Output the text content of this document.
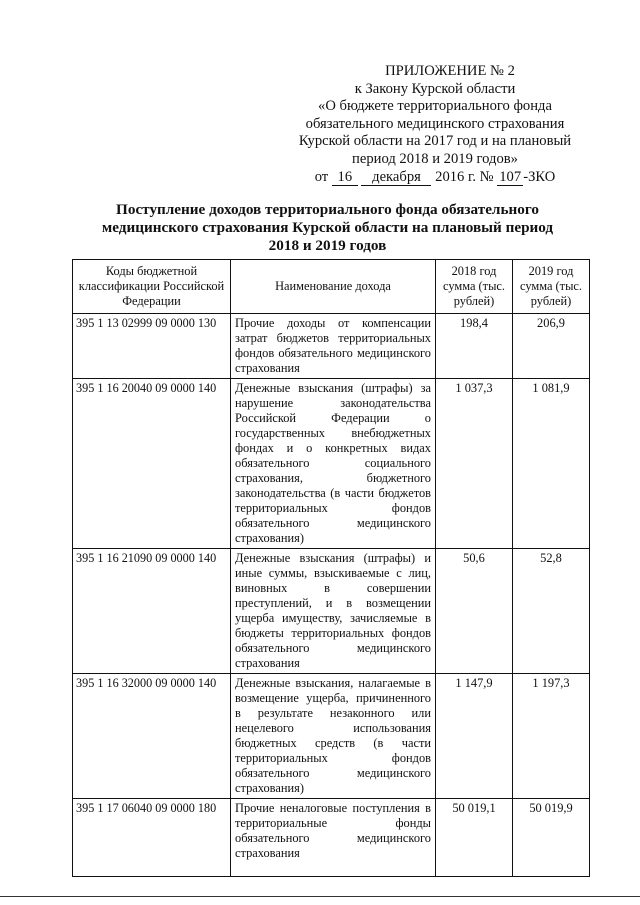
ПРИЛОЖЕНИЕ № 2
к Закону Курской области
«О бюджете территориального фонда
обязательного медицинского страхования
Курской области на 2017 год и на плановый
период 2018 и 2019 годов»
от 16 декабря 2016 г. № 107 -ЗКО
Поступление доходов территориального фонда обязательного
медицинского страхования Курской области на плановый период
2018 и 2019 годов
Коды бюджетной классификации Российской Федерации	Наименование дохода	2018 год сумма (тыс. рублей)	2019 год сумма (тыс. рублей)
395 1 13 02999 09 0000 130	Прочие доходы от компенсации затрат бюджетов территориальных фондов обязательного медицинского страхования	198,4	206,9
395 1 16 20040 09 0000 140	Денежные взыскания (штрафы) за нарушение законодательства Российской Федерации о государственных внебюджетных фондах и о конкретных видах обязательного социального страхования, бюджетного законодательства (в части бюджетов территориальных фондов обязательного медицинского страхования)	1 037,3	1 081,9
395 1 16 21090 09 0000 140	Денежные взыскания (штрафы) и иные суммы, взыскиваемые с лиц, виновных в совершении преступлений, и в возмещении ущерба имуществу, зачисляемые в бюджеты территориальных фондов обязательного медицинского страхования	50,6	52,8
395 1 16 32000 09 0000 140	Денежные взыскания, налагаемые в возмещение ущерба, причиненного в результате незаконного или нецелевого использования бюджетных средств (в части территориальных фондов обязательного медицинского страхования)	1 147,9	1 197,3
395 1 17 06040 09 0000 180	Прочие неналоговые поступления в территориальные фонды обязательного медицинского страхования	50 019,1	50 019,9
